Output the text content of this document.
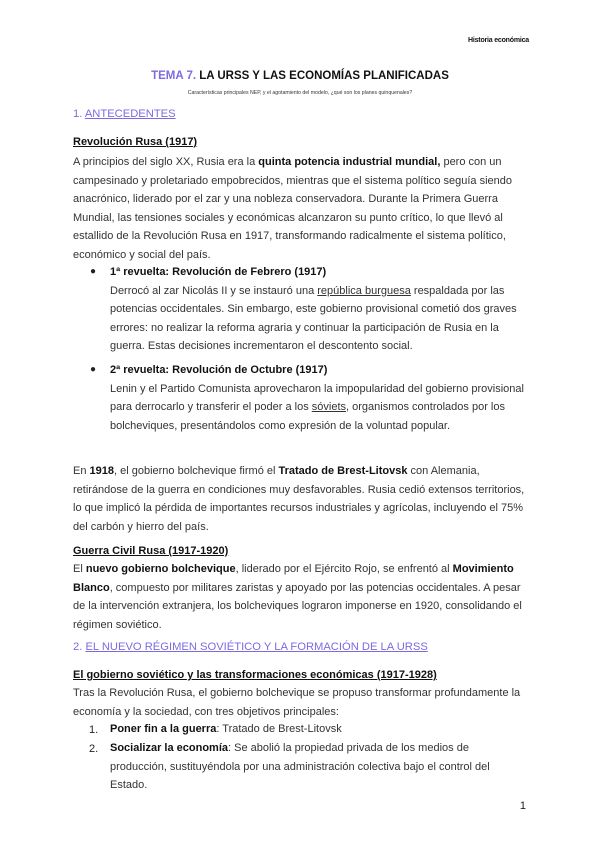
Historia económica
TEMA 7. LA URSS Y LAS ECONOMÍAS PLANIFICADAS
Características principales NEP, y el agotamiento del modelo, ¿qué son los planes quinquenales?
1. ANTECEDENTES
Revolución Rusa (1917)
A principios del siglo XX, Rusia era la quinta potencia industrial mundial, pero con un campesinado y proletariado empobrecidos, mientras que el sistema político seguía siendo anacrónico, liderado por el zar y una nobleza conservadora. Durante la Primera Guerra Mundial, las tensiones sociales y económicas alcanzaron su punto crítico, lo que llevó al estallido de la Revolución Rusa en 1917, transformando radicalmente el sistema político, económico y social del país.
● 1ª revuelta: Revolución de Febrero (1917)
Derrocó al zar Nicolás II y se instauró una república burguesa respaldada por las potencias occidentales. Sin embargo, este gobierno provisional cometió dos graves errores: no realizar la reforma agraria y continuar la participación de Rusia en la guerra. Estas decisiones incrementaron el descontento social.
● 2ª revuelta: Revolución de Octubre (1917)
Lenin y el Partido Comunista aprovecharon la impopularidad del gobierno provisional para derrocarlo y transferir el poder a los sóviets, organismos controlados por los bolcheviques, presentándolos como expresión de la voluntad popular.
En 1918, el gobierno bolchevique firmó el Tratado de Brest-Litovsk con Alemania, retirándose de la guerra en condiciones muy desfavorables. Rusia cedió extensos territorios, lo que implicó la pérdida de importantes recursos industriales y agrícolas, incluyendo el 75% del carbón y hierro del país.
Guerra Civil Rusa (1917-1920)
El nuevo gobierno bolchevique, liderado por el Ejército Rojo, se enfrentó al Movimiento Blanco, compuesto por militares zaristas y apoyado por las potencias occidentales. A pesar de la intervención extranjera, los bolcheviques lograron imponerse en 1920, consolidando el régimen soviético.
2. EL NUEVO RÉGIMEN SOVIÉTICO Y LA FORMACIÓN DE LA URSS
El gobierno soviético y las transformaciones económicas (1917-1928)
Tras la Revolución Rusa, el gobierno bolchevique se propuso transformar profundamente la economía y la sociedad, con tres objetivos principales:
1. Poner fin a la guerra: Tratado de Brest-Litovsk
2. Socializar la economía: Se abolió la propiedad privada de los medios de producción, sustituyéndola por una administración colectiva bajo el control del Estado.
1
